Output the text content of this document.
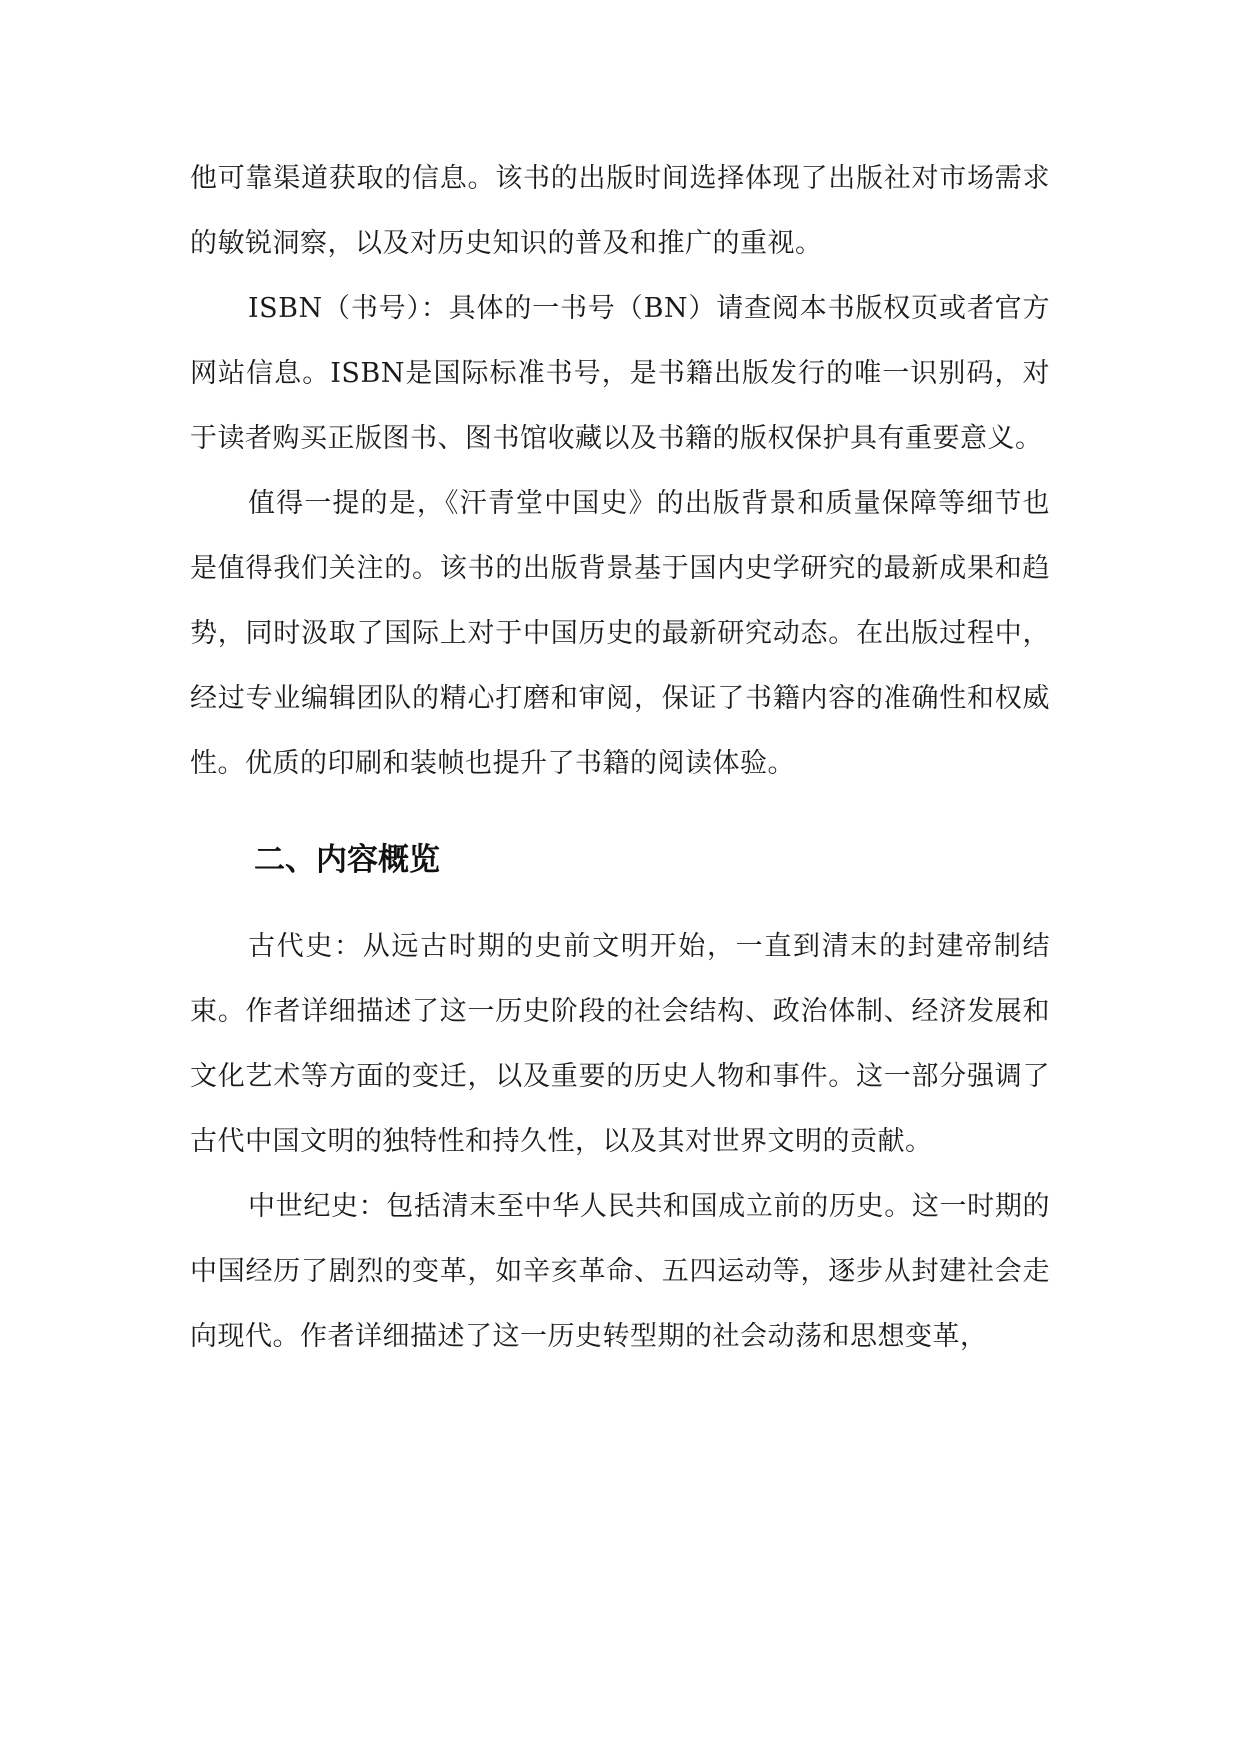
他可靠渠道获取的信息。该书的出版时间选择体现了出版社对市场需求的敏锐洞察，以及对历史知识的普及和推广的重视。

ISBN（书号）：具体的一书号（BN）请查阅本书版权页或者官方网站信息。ISBN是国际标准书号，是书籍出版发行的唯一识别码，对于读者购买正版图书、图书馆收藏以及书籍的版权保护具有重要意义。

值得一提的是，《汗青堂中国史》的出版背景和质量保障等细节也是值得我们关注的。该书的出版背景基于国内史学研究的最新成果和趋势，同时汲取了国际上对于中国历史的最新研究动态。在出版过程中，经过专业编辑团队的精心打磨和审阅，保证了书籍内容的准确性和权威性。优质的印刷和装帧也提升了书籍的阅读体验。

二、内容概览

古代史：从远古时期的史前文明开始，一直到清末的封建帝制结束。作者详细描述了这一历史阶段的社会结构、政治体制、经济发展和文化艺术等方面的变迁，以及重要的历史人物和事件。这一部分强调了古代中国文明的独特性和持久性，以及其对世界文明的贡献。

中世纪史：包括清末至中华人民共和国成立前的历史。这一时期的中国经历了剧烈的变革，如辛亥革命、五四运动等，逐步从封建社会走向现代。作者详细描述了这一历史转型期的社会动荡和思想变革，
